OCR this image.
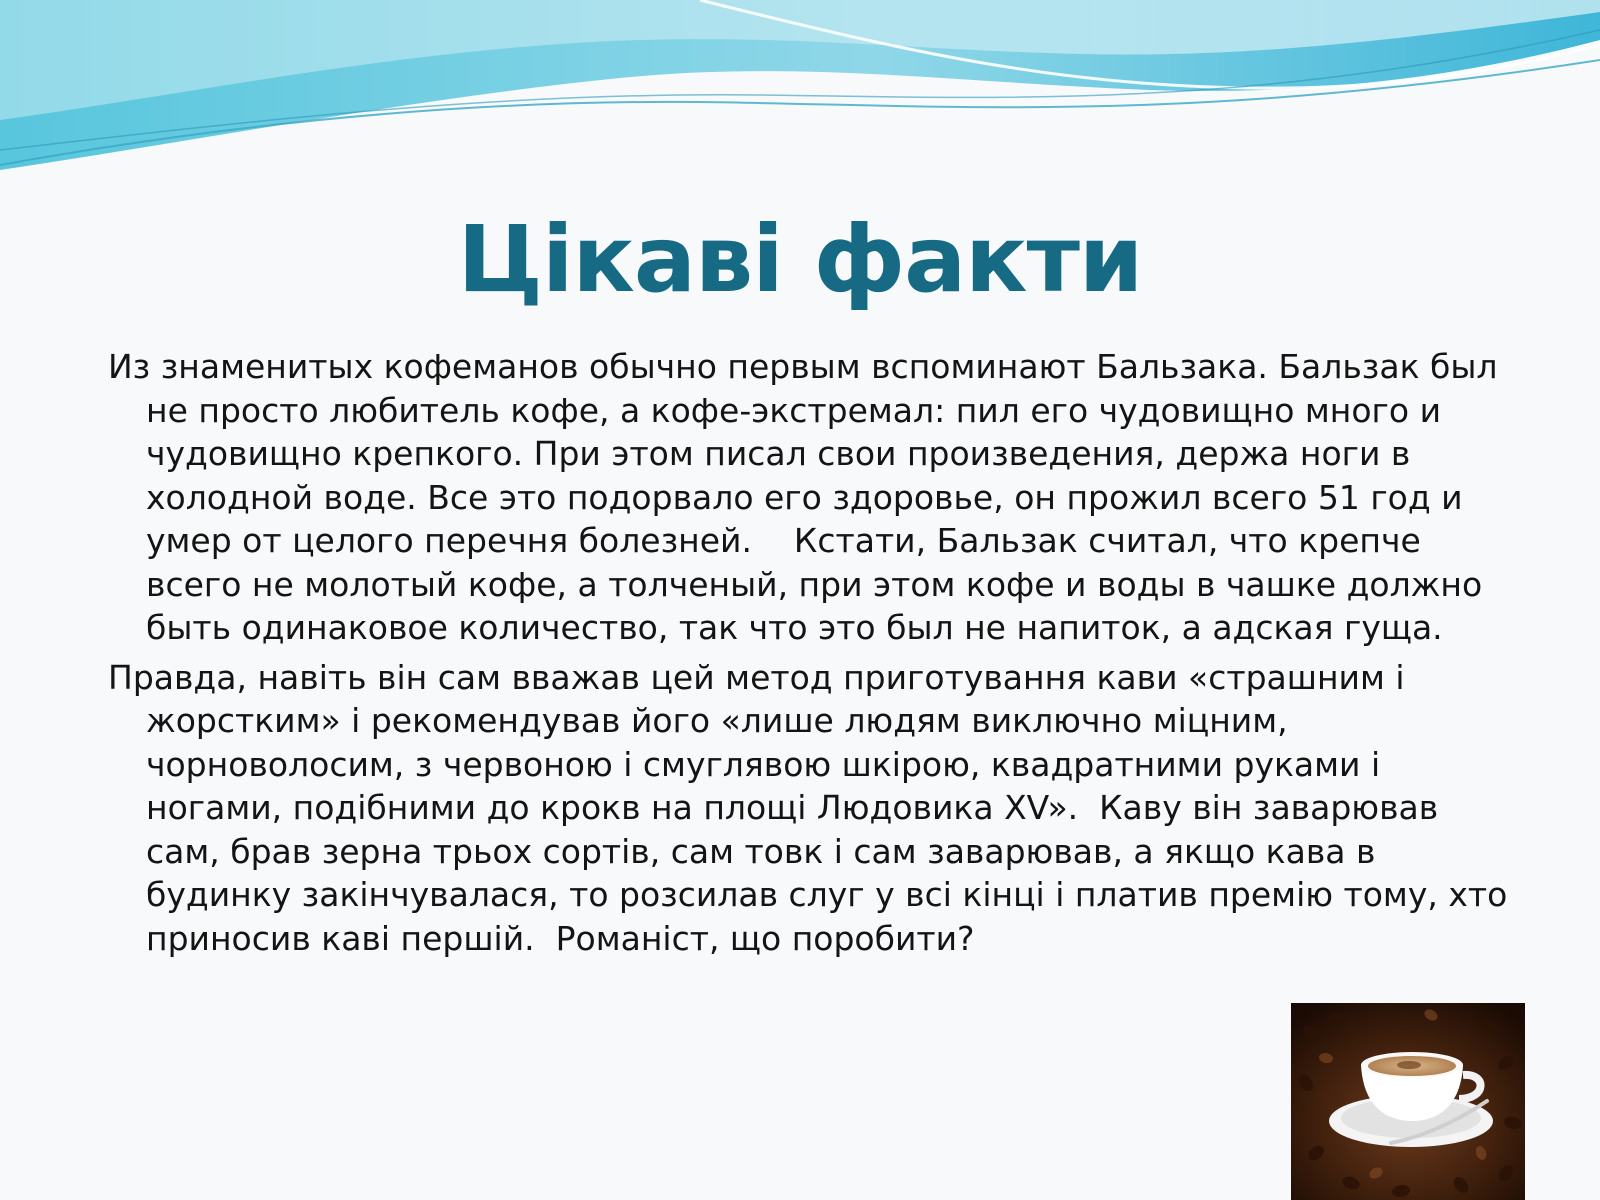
Цікаві факти

Из знаменитых кофеманов обычно первым вспоминают Бальзака. Бальзак был не просто любитель кофе, а кофе-экстремал: пил его чудовищно много и чудовищно крепкого. При этом писал свои произведения, держа ноги в холодной воде. Все это подорвало его здоровье, он прожил всего 51 год и умер от целого перечня болезней.    Кстати, Бальзак считал, что крепче всего не молотый кофе, а толченый, при этом кофе и воды в чашке должно быть одинаковое количество, так что это был не напиток, а адская гуща.

Правда, навіть він сам вважав цей метод приготування кави «страшним і жорстким» і рекомендував його «лише людям виключно міцним, чорноволосим, з червоною і смуглявою шкірою, квадратними руками і ногами, подібними до крокв на площі Людовика XV».  Каву він заварював сам, брав зерна трьох сортів, сам товк і сам заварював, а якщо кава в будинку закінчувалася, то розсилав слуг у всі кінці і платив премію тому, хто приносив каві першій.  Романіст, що поробити?
